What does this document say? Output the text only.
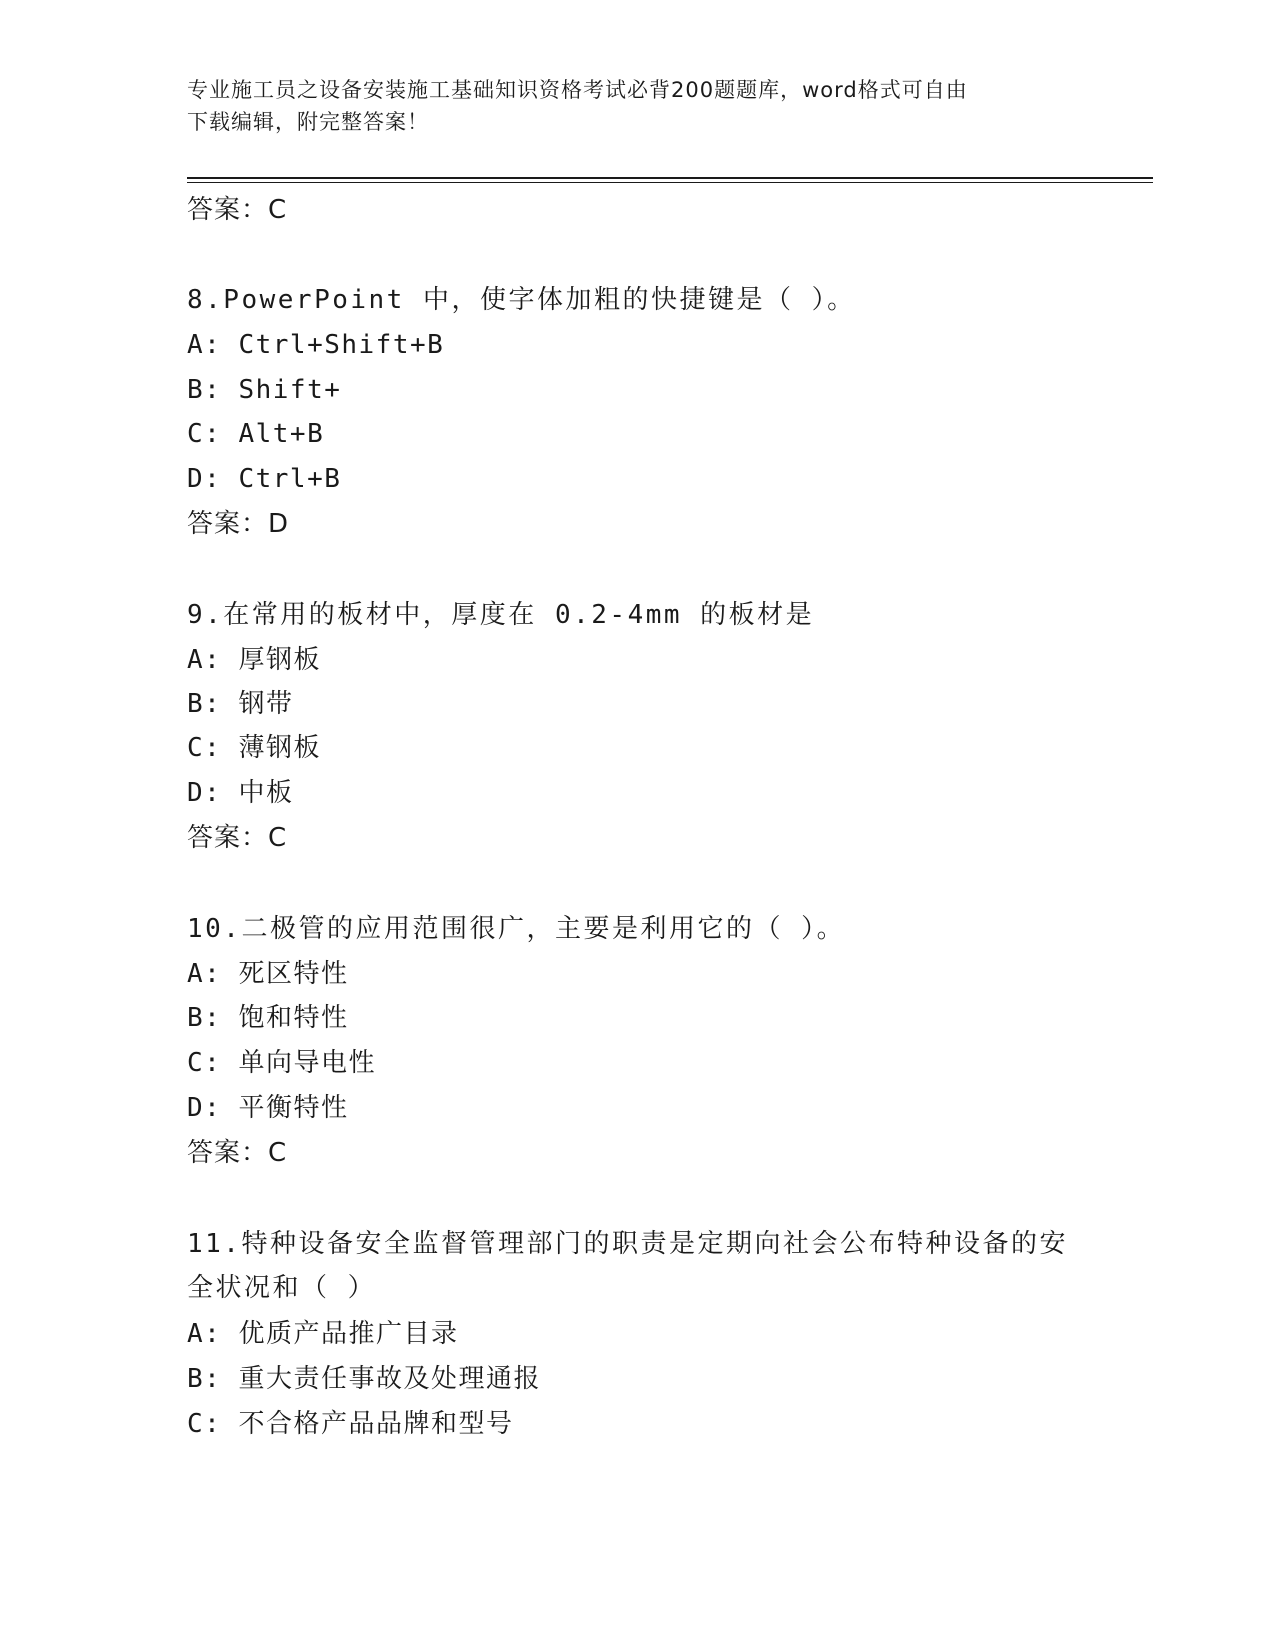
专业施工员之设备安装施工基础知识资格考试必背200题题库，word格式可自由
下载编辑，附完整答案！
答案：C
8.PowerPoint 中，使字体加粗的快捷键是（ ）。
A: Ctrl+Shift+B
B: Shift+
C: Alt+B
D: Ctrl+B
答案：D
9.在常用的板材中，厚度在 0.2-4mm 的板材是
A: 厚钢板
B: 钢带
C: 薄钢板
D: 中板
答案：C
10.二极管的应用范围很广，主要是利用它的（ ）。
A: 死区特性
B: 饱和特性
C: 单向导电性
D: 平衡特性
答案：C
11.特种设备安全监督管理部门的职责是定期向社会公布特种设备的安
全状况和（ ）
A: 优质产品推广目录
B: 重大责任事故及处理通报
C: 不合格产品品牌和型号
